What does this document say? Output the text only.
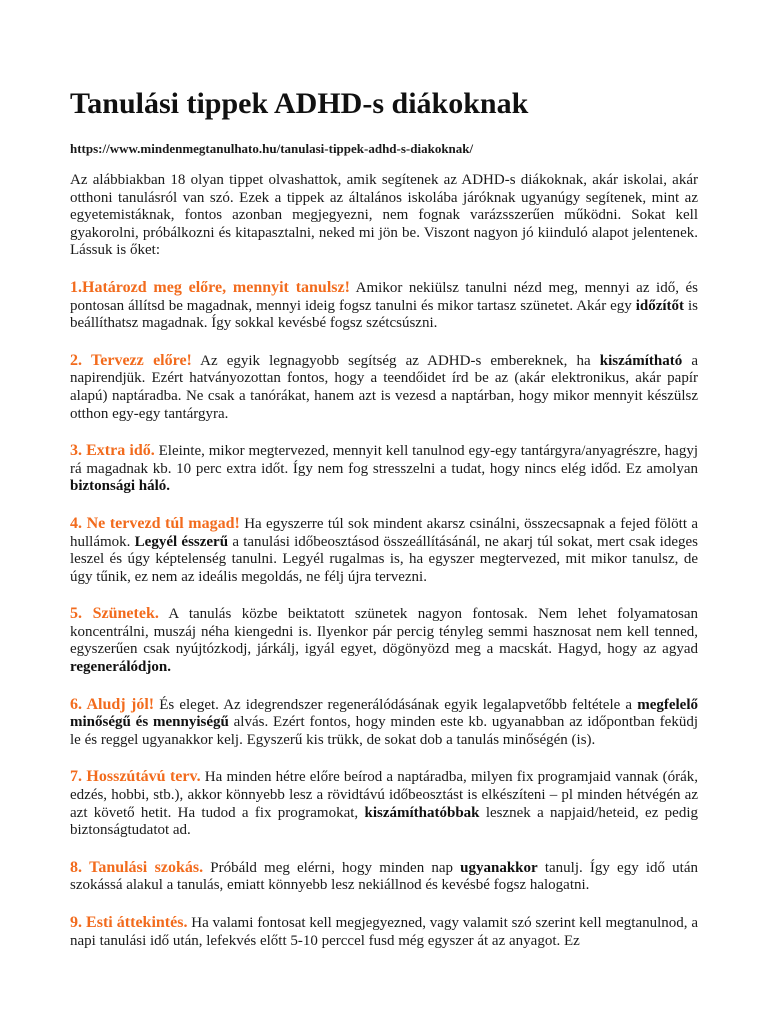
Tanulási tippek ADHD-s diákoknak
https://www.mindenmegtanulhato.hu/tanulasi-tippek-adhd-s-diakoknak/

Az alábbiakban 18 olyan tippet olvashattok, amik segítenek az ADHD-s diákoknak, akár iskolai, akár otthoni tanulásról van szó. Ezek a tippek az általános iskolába járóknak ugyanúgy segítenek, mint az egyetemistáknak, fontos azonban megjegyezni, nem fognak varázsszerűen működni. Sokat kell gyakorolni, próbálkozni és kitapasztalni, neked mi jön be. Viszont nagyon jó kiinduló alapot jelentenek. Lássuk is őket:

1.Határozd meg előre, mennyit tanulsz! Amikor nekiülsz tanulni nézd meg, mennyi az idő, és pontosan állítsd be magadnak, mennyi ideig fogsz tanulni és mikor tartasz szünetet. Akár egy időzítőt is beállíthatsz magadnak. Így sokkal kevésbé fogsz szétcsúszni.

2. Tervezz előre! Az egyik legnagyobb segítség az ADHD-s embereknek, ha kiszámítható a napirendjük. Ezért hatványozottan fontos, hogy a teendőidet írd be az (akár elektronikus, akár papír alapú) naptáradba. Ne csak a tanórákat, hanem azt is vezesd a naptárban, hogy mikor mennyit készülsz otthon egy-egy tantárgyra.

3. Extra idő. Eleinte, mikor megtervezed, mennyit kell tanulnod egy-egy tantárgyra/anyagrészre, hagyj rá magadnak kb. 10 perc extra időt. Így nem fog stresszelni a tudat, hogy nincs elég időd. Ez amolyan biztonsági háló.

4. Ne tervezd túl magad! Ha egyszerre túl sok mindent akarsz csinálni, összecsapnak a fejed fölött a hullámok. Legyél ésszerű a tanulási időbeosztásod összeállításánál, ne akarj túl sokat, mert csak ideges leszel és úgy képtelenség tanulni. Legyél rugalmas is, ha egyszer megtervezed, mit mikor tanulsz, de úgy tűnik, ez nem az ideális megoldás, ne félj újra tervezni.

5. Szünetek. A tanulás közbe beiktatott szünetek nagyon fontosak. Nem lehet folyamatosan koncentrálni, muszáj néha kiengedni is. Ilyenkor pár percig tényleg semmi hasznosat nem kell tenned, egyszerűen csak nyújtózkodj, járkálj, igyál egyet, dögönyözd meg a macskát. Hagyd, hogy az agyad regenerálódjon.

6. Aludj jól! És eleget. Az idegrendszer regenerálódásának egyik legalapvetőbb feltétele a megfelelő minőségű és mennyiségű alvás. Ezért fontos, hogy minden este kb. ugyanabban az időpontban feküdj le és reggel ugyanakkor kelj. Egyszerű kis trükk, de sokat dob a tanulás minőségén (is).

7. Hosszútávú terv. Ha minden hétre előre beírod a naptáradba, milyen fix programjaid vannak (órák, edzés, hobbi, stb.), akkor könnyebb lesz a rövidtávú időbeosztást is elkészíteni – pl minden hétvégén az azt követő hetit. Ha tudod a fix programokat, kiszámíthatóbbak lesznek a napjaid/heteid, ez pedig biztonságtudatot ad.

8. Tanulási szokás. Próbáld meg elérni, hogy minden nap ugyanakkor tanulj. Így egy idő után szokássá alakul a tanulás, emiatt könnyebb lesz nekiállnod és kevésbé fogsz halogatni.

9. Esti áttekintés. Ha valami fontosat kell megjegyezned, vagy valamit szó szerint kell megtanulnod, a napi tanulási idő után, lefekvés előtt 5-10 perccel fusd még egyszer át az anyagot. Ez
